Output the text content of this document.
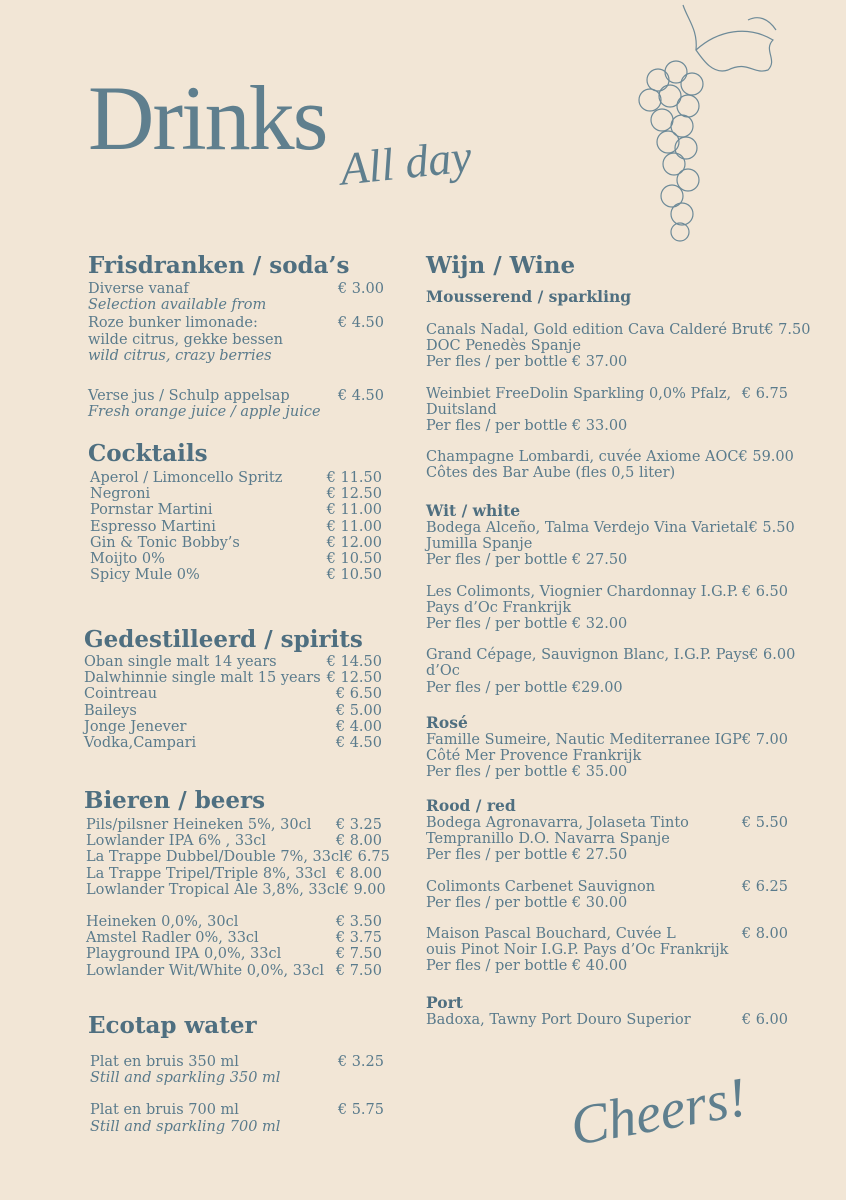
Drinks All day
Frisdranken / soda’s
Diverse vanaf
Selection available from
€ 3.00
Roze bunker limonade:
wilde citrus, gekke bessen
wild citrus, crazy berries
€ 4.50
Verse jus / Schulp appelsap
Fresh orange juice / apple juice
€ 4.50
Cocktails
Aperol / Limoncello Spritz	€ 11.50
Negroni	€ 12.50
Pornstar Martini	€ 11.00
Espresso Martini	€ 11.00
Gin & Tonic Bobby’s	€ 12.00
Moijto 0%	€ 10.50
Spicy Mule 0%	€ 10.50
Gedestilleerd / spirits
Oban single malt 14 years	€ 14.50
Dalwhinnie single malt 15 years € 12.50
Cointreau	€ 6.50
Baileys	€ 5.00
Jonge Jenever	€ 4.00
Vodka,Campari	€ 4.50
Bieren / beers
Pils/pilsner Heineken 5%, 30cl € 3.25
Lowlander IPA 6% , 33cl	€ 8.00
La Trappe Dubbel/Double 7%, 33cl € 6.75
La Trappe Tripel/Triple 8%, 33cl € 8.00
Lowlander Tropical Ale 3,8%, 33cl € 9.00
Heineken 0,0%, 30cl	€ 3.50
Amstel Radler 0%, 33cl	€ 3.75
Playground IPA 0,0%, 33cl	€ 7.50
Lowlander Wit/White 0,0%, 33cl € 7.50
Ecotap water
Plat en bruis 350 ml
Still and sparkling 350 ml
€ 3.25
Plat en bruis 700 ml
Still and sparkling 700 ml
€ 5.75
Wijn / Wine
Mousserend / sparkling
Canals Nadal, Gold edition Cava Calderé Brut
DOC Penedès Spanje
Per fles / per bottle € 37.00
€ 7.50
Weinbiet FreeDolin Sparkling 0,0% Pfalz,
Duitsland
Per fles / per bottle € 33.00
€ 6.75
Champagne Lombardi, cuvée Axiome AOC
Côtes des Bar Aube (fles 0,5 liter)
€ 59.00
Wit / white
Bodega Alceño, Talma Verdejo Vina Varietal
Jumilla Spanje
Per fles / per bottle € 27.50
€ 5.50
Les Colimonts, Viognier Chardonnay I.G.P.
Pays d’Oc Frankrijk
Per fles / per bottle € 32.00
€ 6.50
Grand Cépage, Sauvignon Blanc, I.G.P. Pays
d’Oc
Per fles / per bottle €29.00
€ 6.00
Rosé
Famille Sumeire, Nautic Mediterranee IGP
Côté Mer Provence Frankrijk
Per fles / per bottle € 35.00
€ 7.00
Rood / red
Bodega Agronavarra, Jolaseta Tinto
Tempranillo D.O. Navarra Spanje
Per fles / per bottle € 27.50
€ 5.50
Colimonts Carbenet Sauvignon
Per fles / per bottle € 30.00
€ 6.25
Maison Pascal Bouchard, Cuvée L
ouis Pinot Noir I.G.P. Pays d’Oc Frankrijk
Per fles / per bottle € 40.00
€ 8.00
Port
Badoxa, Tawny Port Douro Superior	€ 6.00
Cheers!
